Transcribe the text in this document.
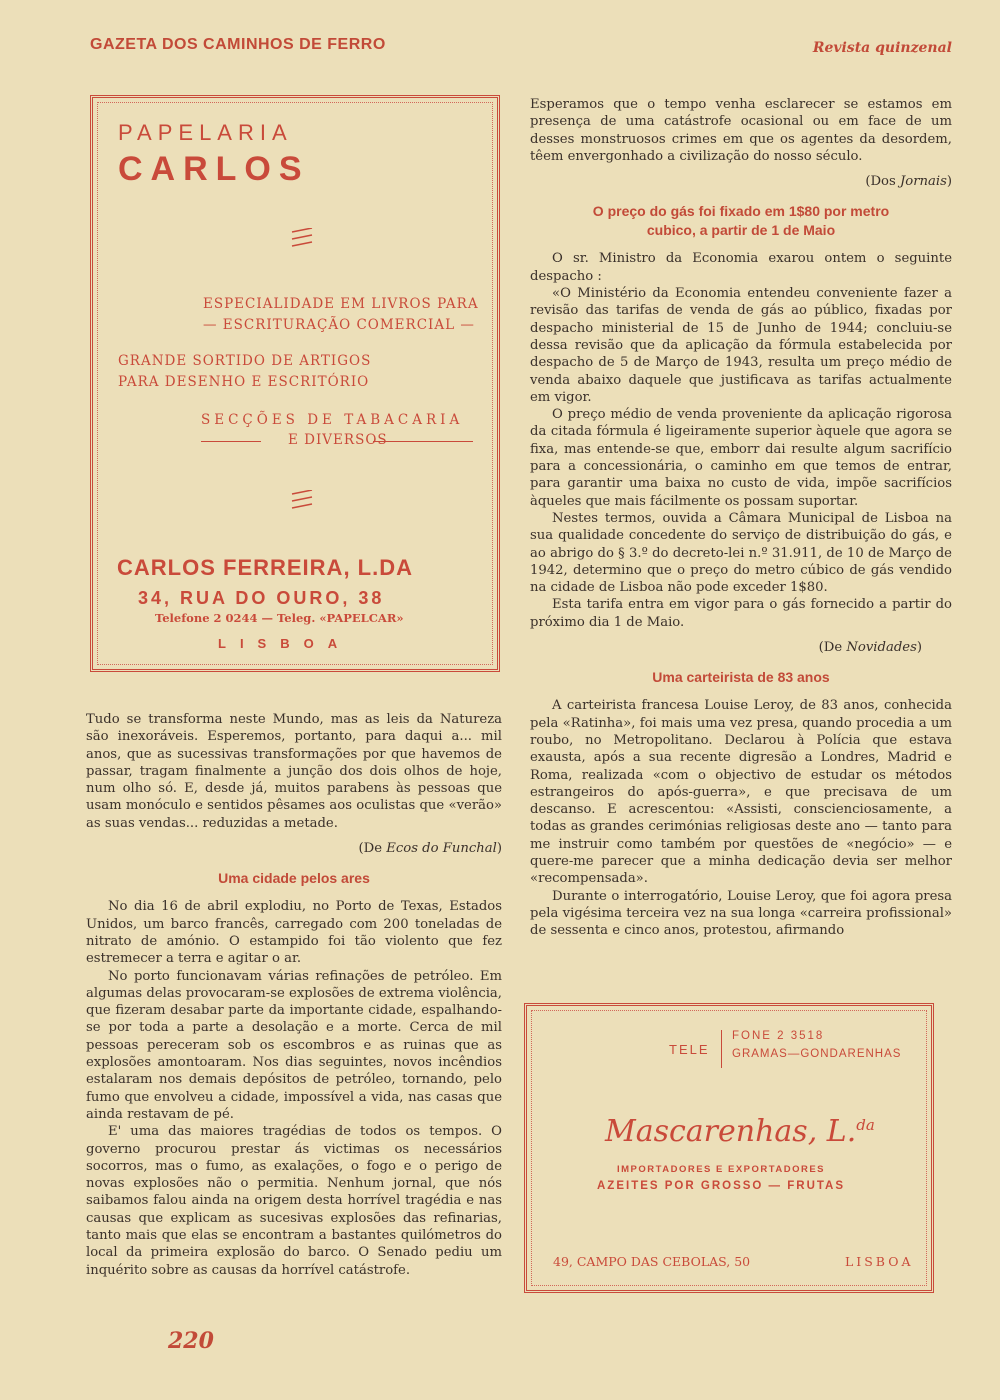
GAZETA DOS CAMINHOS DE FERRO	Revista quinzenal
PAPELARIA
CARLOS
ESPECIALIDADE EM LIVROS PARA
— ESCRITURAÇÃO COMERCIAL —
GRANDE SORTIDO DE ARTIGOS
PARA DESENHO E ESCRITÓRIO
SECÇÕES DE TABACARIA
E DIVERSOS
CARLOS FERREIRA, L.DA
34, RUA DO OURO, 38
Telefone 2 0244 — Teleg. «PAPELCAR»
LISBOA

Tudo se transforma neste Mundo, mas as leis da Natureza são inexoráveis. Esperemos, portanto, para daqui a... mil anos, que as sucessivas transformações por que havemos de passar, tragam finalmente a junção dos dois olhos de hoje, num olho só. E, desde já, muitos parabens às pessoas que usam monóculo e sentidos pêsames aos oculistas que «verão» as suas vendas... reduzidas a metade.

(De Ecos do Funchal)
Uma cidade pelos ares

No dia 16 de abril explodiu, no Porto de Texas, Estados Unidos, um barco francês, carregado com 200 toneladas de nitrato de amónio. O estampido foi tão violento que fez estremecer a terra e agitar o ar.

No porto funcionavam várias refinações de petróleo. Em algumas delas provocaram-se explosões de extrema violência, que fizeram desabar parte da importante cidade, espalhando-se por toda a parte a desolação e a morte. Cerca de mil pessoas pereceram sob os escombros e as ruinas que as explosões amontoaram. Nos dias seguintes, novos incêndios estalaram nos demais depósitos de petróleo, tornando, pelo fumo que envolveu a cidade, impossível a vida, nas casas que ainda restavam de pé.

E' uma das maiores tragédias de todos os tempos. O governo procurou prestar ás victimas os necessários socorros, mas o fumo, as exalações, o fogo e o perigo de novas explosões não o permitia. Nenhum jornal, que nós saibamos falou ainda na origem desta horrível tragédia e nas causas que explicam as sucesivas explosões das refinarias, tanto mais que elas se encontram a bastantes quilómetros do local da primeira explosão do barco. O Senado pediu um inquérito sobre as causas da horrível catástrofe.

Esperamos que o tempo venha esclarecer se estamos em presença de uma catástrofe ocasional ou em face de um desses monstruosos crimes em que os agentes da desordem, têem envergonhado a civilização do nosso século.

(Dos Jornais)
O preço do gás foi fixado em 1$80 por metro cubico, a partir de 1 de Maio

O sr. Ministro da Economia exarou ontem o seguinte despacho :

«O Ministério da Economia entendeu conveniente fazer a revisão das tarifas de venda de gás ao público, fixadas por despacho ministerial de 15 de Junho de 1944; concluiu-se dessa revisão que da aplicação da fórmula estabelecida por despacho de 5 de Março de 1943, resulta um preço médio de venda abaixo daquele que justificava as tarifas actualmente em vigor.

O preço médio de venda proveniente da aplicação rigorosa da citada fórmula é ligeiramente superior àquele que agora se fixa, mas entende-se que, emborr dai resulte algum sacrifício para a concessionária, o caminho em que temos de entrar, para garantir uma baixa no custo de vida, impõe sacrifícios àqueles que mais fácilmente os possam suportar.

Nestes termos, ouvida a Câmara Municipal de Lisboa na sua qualidade concedente do serviço de distribuição do gás, e ao abrigo do § 3.º do decreto-lei n.º 31.911, de 10 de Março de 1942, determino que o preço do metro cúbico de gás vendido na cidade de Lisboa não pode exceder 1$80.

Esta tarifa entra em vigor para o gás fornecido a partir do próximo dia 1 de Maio.

(De Novidades)
Uma carteirista de 83 anos

A carteirista francesa Louise Leroy, de 83 anos, conhecida pela «Ratinha», foi mais uma vez presa, quando procedia a um roubo, no Metropolitano. Declarou à Polícia que estava exausta, após a sua recente digresão a Londres, Madrid e Roma, realizada «com o objectivo de estudar os métodos estrangeiros do após-guerra», e que precisava de um descanso. E acrescentou: «Assisti, conscienciosamente, a todas as grandes cerimónias religiosas deste ano — tanto para me instruir como também por questões de «negócio» — e quere-me parecer que a minha dedicação devia ser melhor «recompensada».

Durante o interrogatório, Louise Leroy, que foi agora presa pela vigésima terceira vez na sua longa «carreira profissional» de sessenta e cinco anos, protestou, afirmando

TELE
FONE 2 3518
GRAMAS—GONDARENHAS
Mascarenhas, L.$^{da}$
IMPORTADORES E EXPORTADORES
AZEITES POR GROSSO — FRUTAS
49, CAMPO DAS CEBOLAS, 50	LISBOA
220
